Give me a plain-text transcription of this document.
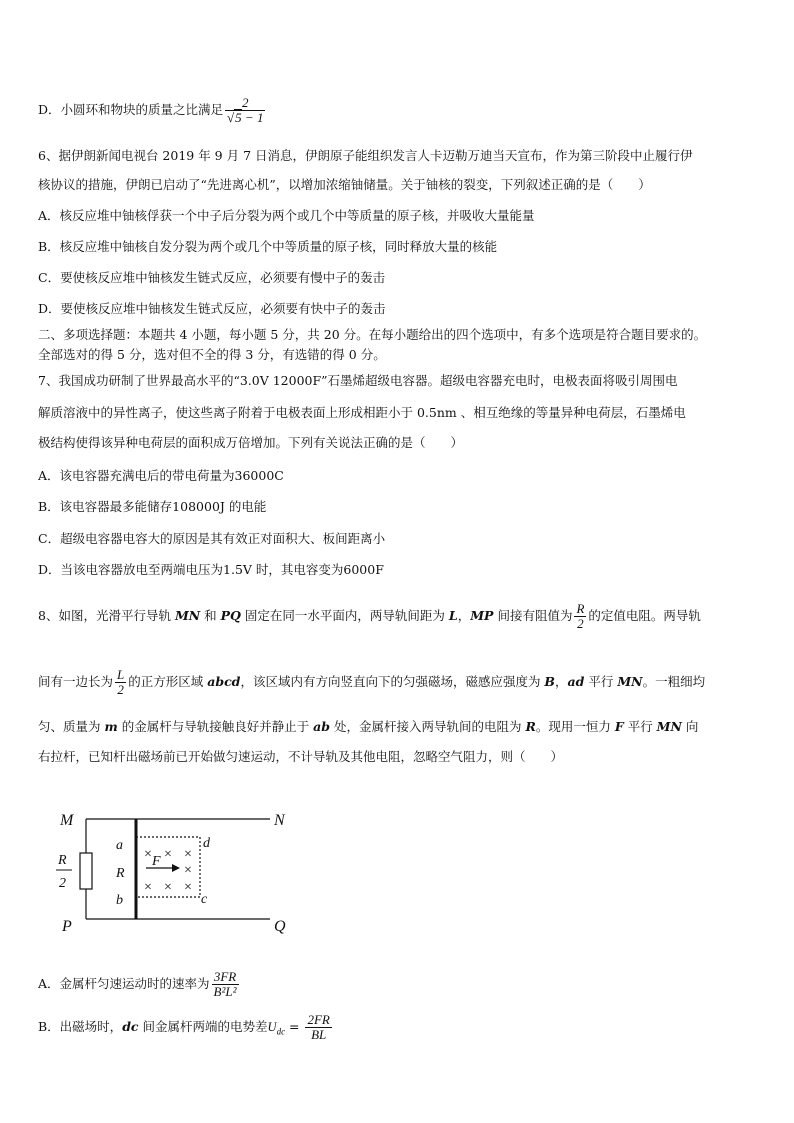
D．小圆环和物块的质量之比满足 $\frac{2}{√5 - 1}$
6、据伊朗新闻电视台 2019 年 9 月 7 日消息，伊朗原子能组织发言人卡迈勒万迪当天宣布，作为第三阶段中止履行伊
核协议的措施，伊朗已启动了“先进离心机”，以增加浓缩铀储量。关于铀核的裂变，下列叙述正确的是（　　）
A．核反应堆中铀核俘获一个中子后分裂为两个或几个中等质量的原子核，并吸收大量能量
B．核反应堆中铀核自发分裂为两个或几个中等质量的原子核，同时释放大量的核能
C．要使核反应堆中铀核发生链式反应，必须要有慢中子的轰击
D．要使核反应堆中铀核发生链式反应，必须要有快中子的轰击
二、多项选择题：本题共 4 小题，每小题 5 分，共 20 分。在每小题给出的四个选项中，有多个选项是符合题目要求的。
全部选对的得 5 分，选对但不全的得 3 分，有选错的得 0 分。
7、我国成功研制了世界最高水平的“3.0V 12000F”石墨烯超级电容器。超级电容器充电时，电极表面将吸引周围电
解质溶液中的异性离子，使这些离子附着于电极表面上形成相距小于 0.5nm 、相互绝缘的等量异种电荷层，石墨烯电
极结构使得该异种电荷层的面积成万倍增加。下列有关说法正确的是（　　）
A．该电容器充满电后的带电荷量为36000C
B．该电容器最多能储存108000J 的电能
C．超级电容器电容大的原因是其有效正对面积大、板间距离小
D．当该电容器放电至两端电压为1.5V 时，其电容变为6000F
8、如图，光滑平行导轨 MN 和 PQ 固定在同一水平面内，两导轨间距为 L，MP 间接有阻值为 $\frac{R}{2}$ 的定值电阻。两导轨
间有一边长为 $\frac{L}{2}$ 的正方形区域 abcd，该区域内有方向竖直向下的匀强磁场，磁感应强度为 B，ad 平行 MN。一粗细均
匀、质量为 m 的金属杆与导轨接触良好并静止于 ab 处，金属杆接入两导轨间的电阻为 R。现用一恒力 F 平行 MN 向
右拉杆，已知杆出磁场前已开始做匀速运动，不计导轨及其他电阻，忽略空气阻力，则（　　）
× × ×
×
× × ×
M	N
P	Q
a
R
b
d
c
F
R
2
A．金属杆匀速运动时的速率为 $\frac{3FR}{\text{B²L²}}$
B．出磁场时，dc 间金属杆两端的电势差$U_{dc} = \frac{2FR}{BL}$
